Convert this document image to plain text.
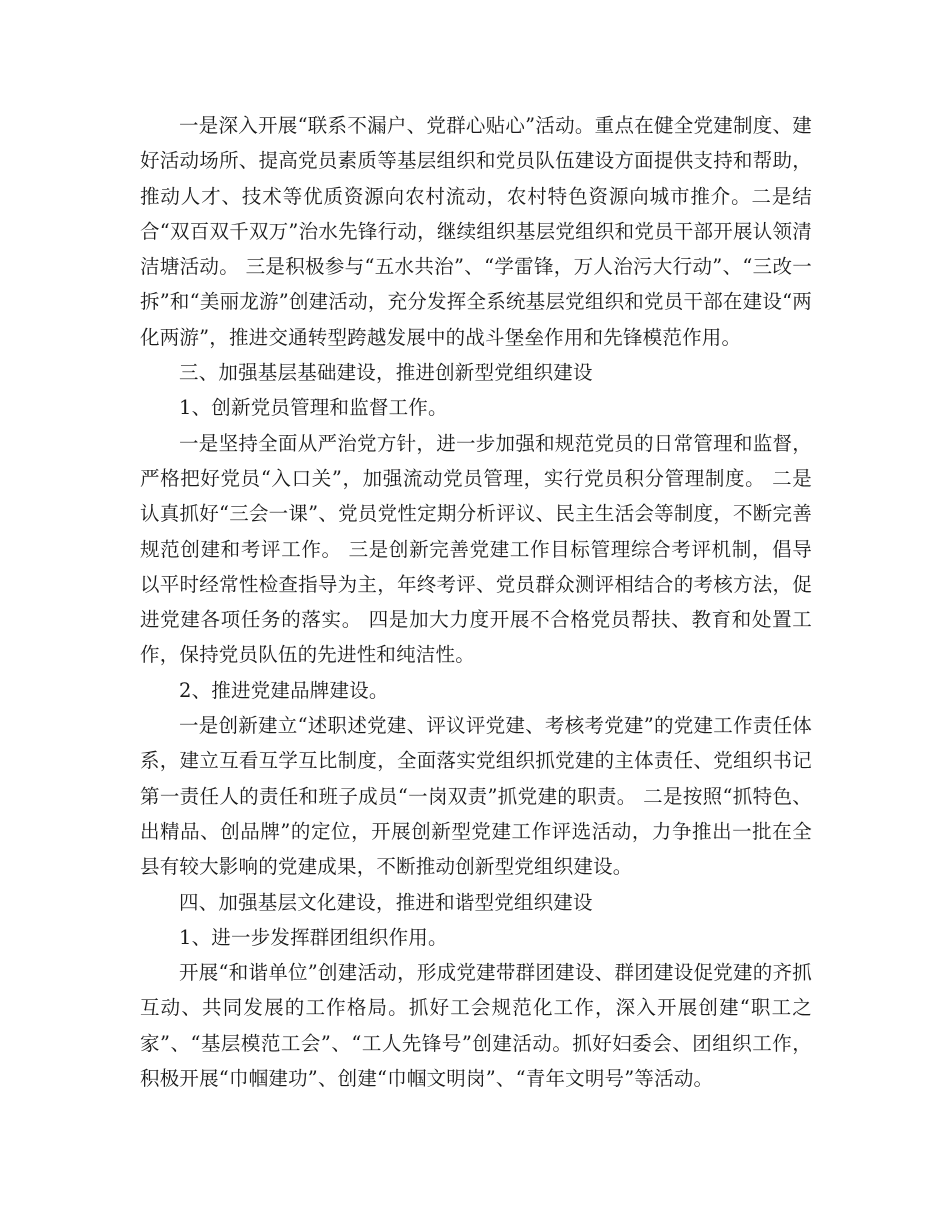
一是深入开展“联系不漏户、党群心贴心”活动。重点在健全党建制度、建好活动场所、提高党员素质等基层组织和党员队伍建设方面提供支持和帮助，推动人才、技术等优质资源向农村流动，农村特色资源向城市推介。二是结合“双百双千双万”治水先锋行动，继续组织基层党组织和党员干部开展认领清洁塘活动。 三是积极参与“五水共治”、“学雷锋，万人治污大行动”、“三改一拆”和“美丽龙游”创建活动，充分发挥全系统基层党组织和党员干部在建设“两化两游”，推进交通转型跨越发展中的战斗堡垒作用和先锋模范作用。

三、加强基层基础建设，推进创新型党组织建设

1、创新党员管理和监督工作。

一是坚持全面从严治党方针，进一步加强和规范党员的日常管理和监督，严格把好党员“入口关”，加强流动党员管理，实行党员积分管理制度。 二是认真抓好“三会一课”、党员党性定期分析评议、民主生活会等制度，不断完善规范创建和考评工作。 三是创新完善党建工作目标管理综合考评机制，倡导以平时经常性检查指导为主，年终考评、党员群众测评相结合的考核方法，促进党建各项任务的落实。 四是加大力度开展不合格党员帮扶、教育和处置工作，保持党员队伍的先进性和纯洁性。

2、推进党建品牌建设。

一是创新建立“述职述党建、评议评党建、考核考党建”的党建工作责任体系，建立互看互学互比制度，全面落实党组织抓党建的主体责任、党组织书记第一责任人的责任和班子成员“一岗双责”抓党建的职责。 二是按照“抓特色、出精品、创品牌”的定位，开展创新型党建工作评选活动，力争推出一批在全县有较大影响的党建成果，不断推动创新型党组织建设。

四、加强基层文化建设，推进和谐型党组织建设

1、进一步发挥群团组织作用。

开展“和谐单位”创建活动，形成党建带群团建设、群团建设促党建的齐抓互动、共同发展的工作格局。抓好工会规范化工作，深入开展创建“职工之家”、“基层模范工会”、“工人先锋号”创建活动。抓好妇委会、团组织工作，积极开展“巾帼建功”、创建“巾帼文明岗”、“青年文明号”等活动。
